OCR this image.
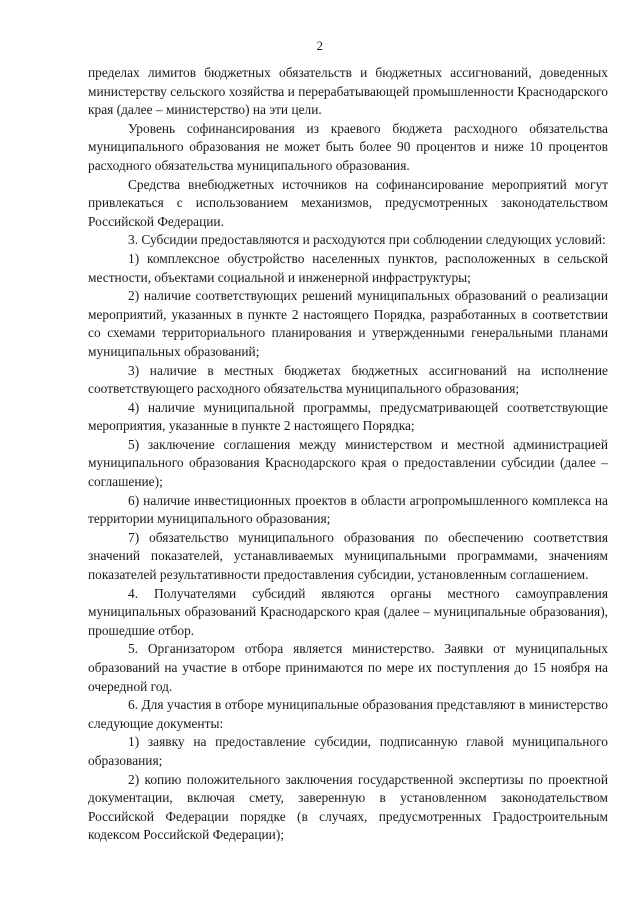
2

пределах лимитов бюджетных обязательств и бюджетных ассигнований, доведенных министерству сельского хозяйства и перерабатывающей промышленности Краснодарского края (далее – министерство) на эти цели.

Уровень софинансирования из краевого бюджета расходного обязательства муниципального образования не может быть более 90 процентов и ниже 10 процентов расходного обязательства муниципального образования.

Средства внебюджетных источников на софинансирование мероприятий могут привлекаться с использованием механизмов, предусмотренных законодательством Российской Федерации.

3. Субсидии предоставляются и расходуются при соблюдении следующих условий:

1) комплексное обустройство населенных пунктов, расположенных в сельской местности, объектами социальной и инженерной инфраструктуры;

2) наличие соответствующих решений муниципальных образований о реализации мероприятий, указанных в пункте 2 настоящего Порядка, разработанных в соответствии со схемами территориального планирования и утвержденными генеральными планами муниципальных образований;

3) наличие в местных бюджетах бюджетных ассигнований на исполнение соответствующего расходного обязательства муниципального образования;

4) наличие муниципальной программы, предусматривающей соответствующие мероприятия, указанные в пункте 2 настоящего Порядка;

5) заключение соглашения между министерством и местной администрацией муниципального образования Краснодарского края о предоставлении субсидии (далее – соглашение);

6) наличие инвестиционных проектов в области агропромышленного комплекса на территории муниципального образования;

7) обязательство муниципального образования по обеспечению соответствия значений показателей, устанавливаемых муниципальными программами, значениям показателей результативности предоставления субсидии, установленным соглашением.

4. Получателями субсидий являются органы местного самоуправления муниципальных образований Краснодарского края (далее – муниципальные образования), прошедшие отбор.

5. Организатором отбора является министерство. Заявки от муниципальных образований на участие в отборе принимаются по мере их поступления до 15 ноября на очередной год.

6. Для участия в отборе муниципальные образования представляют в министерство следующие документы:

1) заявку на предоставление субсидии, подписанную главой муниципального образования;

2) копию положительного заключения государственной экспертизы по проектной документации, включая смету, заверенную в установленном законодательством Российской Федерации порядке (в случаях, предусмотренных Градостроительным кодексом Российской Федерации);
